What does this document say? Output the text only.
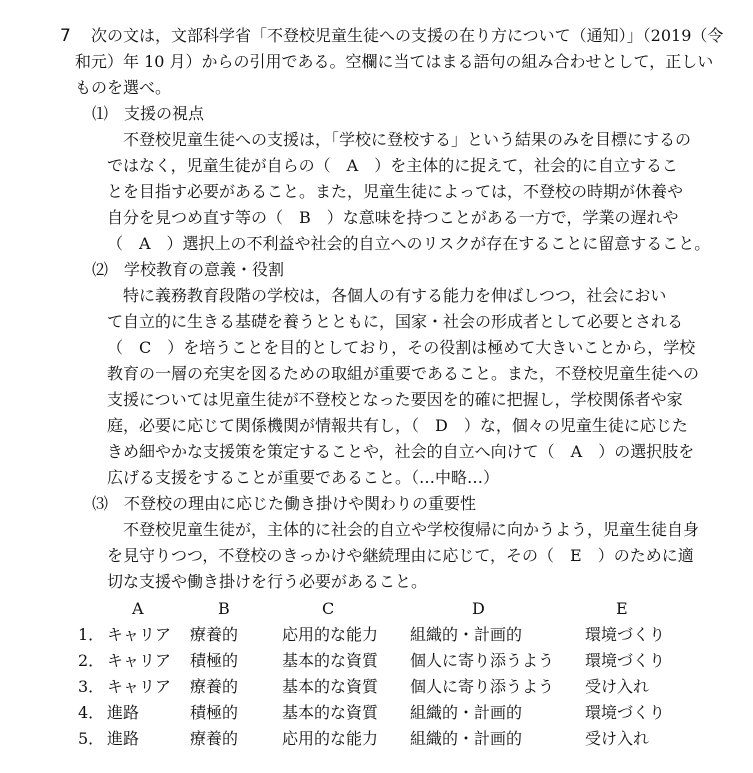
7 次の文は，文部科学省「不登校児童生徒への支援の在り方について（通知）」（2019（令
和元）年 10 月）からの引用である。空欄に当てはまる語句の組み合わせとして，正しい
ものを選べ。
⑴　支援の視点
不登校児童生徒への支援は，「学校に登校する」という結果のみを目標にするの
ではなく，児童生徒が自らの（　A　）を主体的に捉えて，社会的に自立するこ
とを目指す必要があること。また，児童生徒によっては，不登校の時期が休養や
自分を見つめ直す等の（　B　）な意味を持つことがある一方で，学業の遅れや
（　A　）選択上の不利益や社会的自立へのリスクが存在することに留意すること。
⑵　学校教育の意義・役割
特に義務教育段階の学校は，各個人の有する能力を伸ばしつつ，社会におい
て自立的に生きる基礎を養うとともに，国家・社会の形成者として必要とされる
（　C　）を培うことを目的としており，その役割は極めて大きいことから，学校
教育の一層の充実を図るための取組が重要であること。また，不登校児童生徒への
支援については児童生徒が不登校となった要因を的確に把握し，学校関係者や家
庭，必要に応じて関係機関が情報共有し，（　D　）な，個々の児童生徒に応じた
きめ細やかな支援策を策定することや，社会的自立へ向けて（　A　）の選択肢を
広げる支援をすることが重要であること。（…中略…）
⑶　不登校の理由に応じた働き掛けや関わりの重要性
不登校児童生徒が，主体的に社会的自立や学校復帰に向かうよう，児童生徒自身
を見守りつつ，不登校のきっかけや継続理由に応じて，その（　E　）のために適
切な支援や働き掛けを行う必要があること。
A	B	C	D	E
1． キャリア 療養的	応用的な能力 組織的・計画的	環境づくり
2． キャリア 積極的	基本的な資質 個人に寄り添うよう 環境づくり
3． キャリア 療養的	基本的な資質 個人に寄り添うよう 受け入れ
4． 進路	積極的	基本的な資質 組織的・計画的	環境づくり
5． 進路	療養的	応用的な能力 組織的・計画的	受け入れ
